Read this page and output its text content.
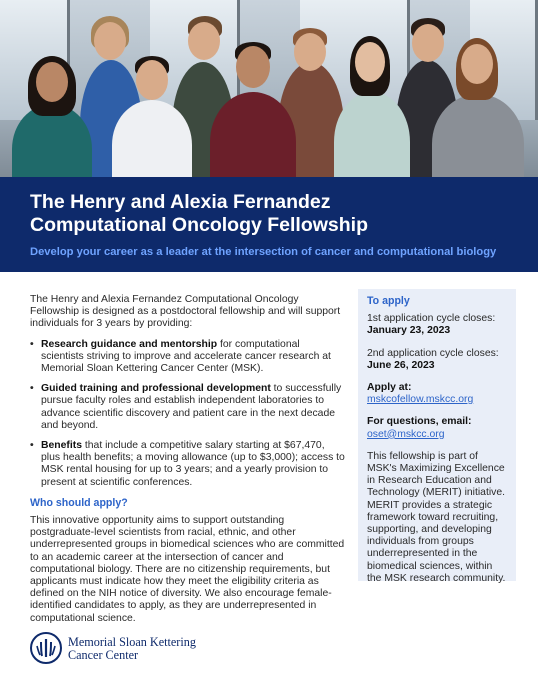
The Henry and Alexia Fernandez
Computational Oncology Fellowship
Develop your career as a leader at the intersection of cancer and computational biology

The Henry and Alexia Fernandez Computational Oncology Fellowship is designed as a postdoctoral fellowship and will support individuals for 3 years by providing:

• Research guidance and mentorship for computational scientists striving to improve and accelerate cancer research at Memorial Sloan Kettering Cancer Center (MSK).
• Guided training and professional development to successfully pursue faculty roles and establish independent laboratories to advance scientific discovery and patient care in the next decade and beyond.
• Benefits that include a competitive salary starting at $67,470, plus health benefits; a moving allowance (up to $3,000); access to MSK rental housing for up to 3 years; and a yearly provision to present at scientific conferences.
Who should apply?

This innovative opportunity aims to support outstanding postgraduate-level scientists from racial, ethnic, and other underrepresented groups in biomedical sciences who are committed to an academic career at the intersection of cancer and computational biology. There are no citizenship requirements, but applicants must indicate how they meet the eligibility criteria as defined on the NIH notice of diversity. We also encourage female-identified candidates to apply, as they are underrepresented in computational science.

To apply
1st application cycle closes:
January 23, 2023
2nd application cycle closes:
June 26, 2023
Apply at:
mskcofellow.mskcc.org
For questions, email:
oset@mskcc.org
This fellowship is part of MSK's Maximizing Excellence in Research Education and Technology (MERIT) initiative. MERIT provides a strategic framework toward recruiting, supporting, and developing individuals from groups underrepresented in the biomedical sciences, within the MSK research community.
Memorial Sloan Kettering
Cancer Center
